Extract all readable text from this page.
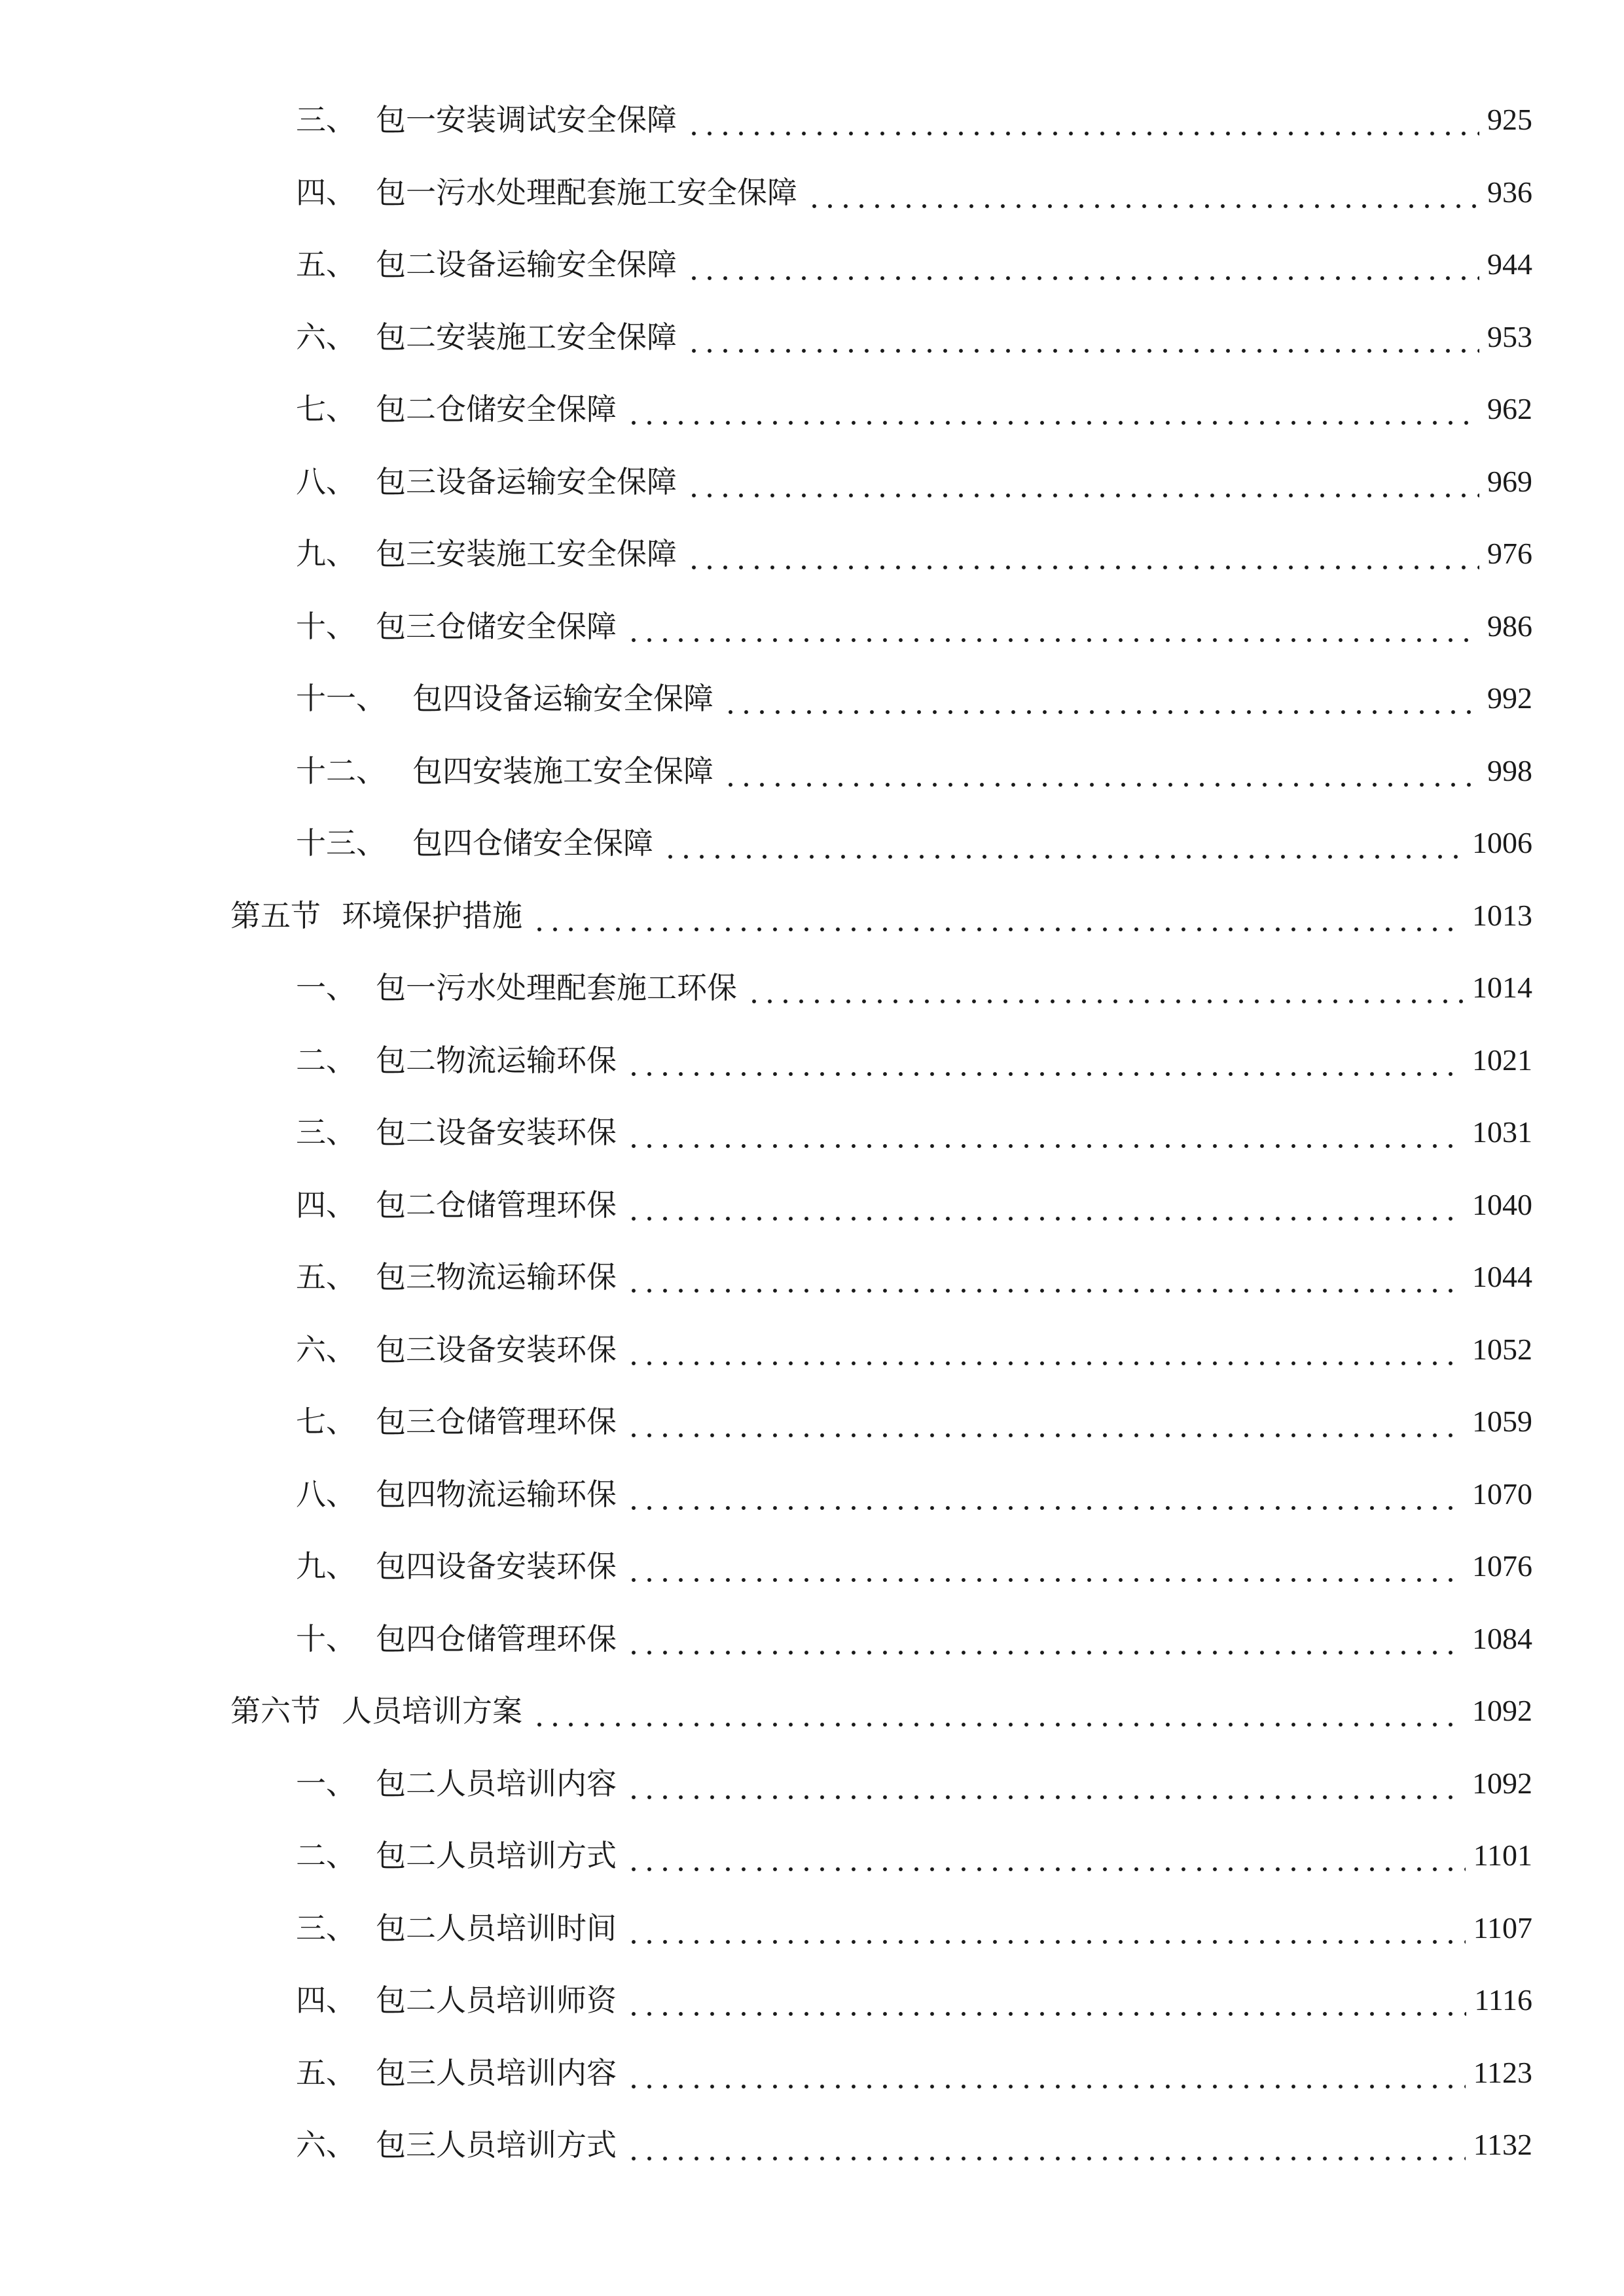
三、 包一安装调试安全保障	925
四、 包一污水处理配套施工安全保障	936
五、 包二设备运输安全保障	944
六、 包二安装施工安全保障	953
七、 包二仓储安全保障	962
八、 包三设备运输安全保障	969
九、 包三安装施工安全保障	976
十、 包三仓储安全保障	986
十一、 包四设备运输安全保障	992
十二、 包四安装施工安全保障	998
十三、 包四仓储安全保障	1006
第五节 环境保护措施	1013
一、 包一污水处理配套施工环保	1014
二、 包二物流运输环保	1021
三、 包二设备安装环保	1031
四、 包二仓储管理环保	1040
五、 包三物流运输环保	1044
六、 包三设备安装环保	1052
七、 包三仓储管理环保	1059
八、 包四物流运输环保	1070
九、 包四设备安装环保	1076
十、 包四仓储管理环保	1084
第六节 人员培训方案	1092
一、 包二人员培训内容	1092
二、 包二人员培训方式	1101
三、 包二人员培训时间	1107
四、 包二人员培训师资	1116
五、 包三人员培训内容	1123
六、 包三人员培训方式	1132
